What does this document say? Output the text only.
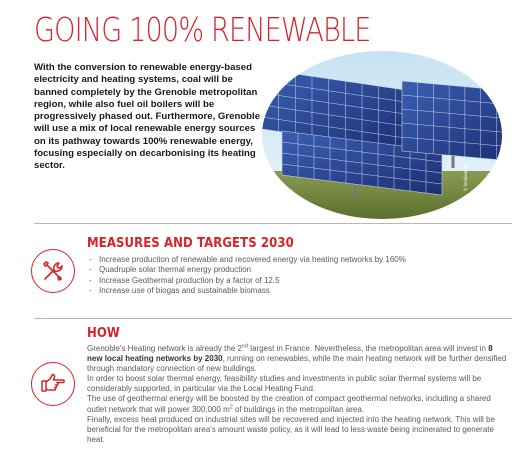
GOING 100% RENEWABLE
With the conversion to renewable energy-based electricity and heating systems, coal will be banned completely by the Grenoble metropolitan region, while also fuel oil boilers will be progressively phased out. Furthermore, Grenoble will use a mix of local renewable energy sources on its pathway towards 100% renewable energy, focusing especially on decarbonising its heating sector.	© fotolia/malp
MEASURES AND TARGETS 2030
- Increase production of renewable and recovered energy via heating networks by 160%
- Quadruple solar thermal energy production
- Increase Geothermal production by a factor of 12.5
- Increase use of biogas and sustainable biomass
HOW

Grenoble's Heating network is already the 2nd largest in France. Nevertheless, the metropolitan area will invest in 8 new local heating networks by 2030, running on renewables, while the main heating network will be further densified through mandatory connection of new buildings.

In order to boost solar thermal energy, feasibility studies and investments in public solar thermal systems will be considerably supported, in particular via the Local Heating Fund.

The use of geothermal energy will be boosted by the creation of compact geothermal networks, including a shared outlet network that will power 300,000 $m^2$ of buildings in the metropolitan area.

Finally, excess heat produced on industrial sites will be recovered and injected into the heating network. This will be beneficial for the metropolitan area's amount waste policy, as it will lead to less waste being incinerated to generate heat.
